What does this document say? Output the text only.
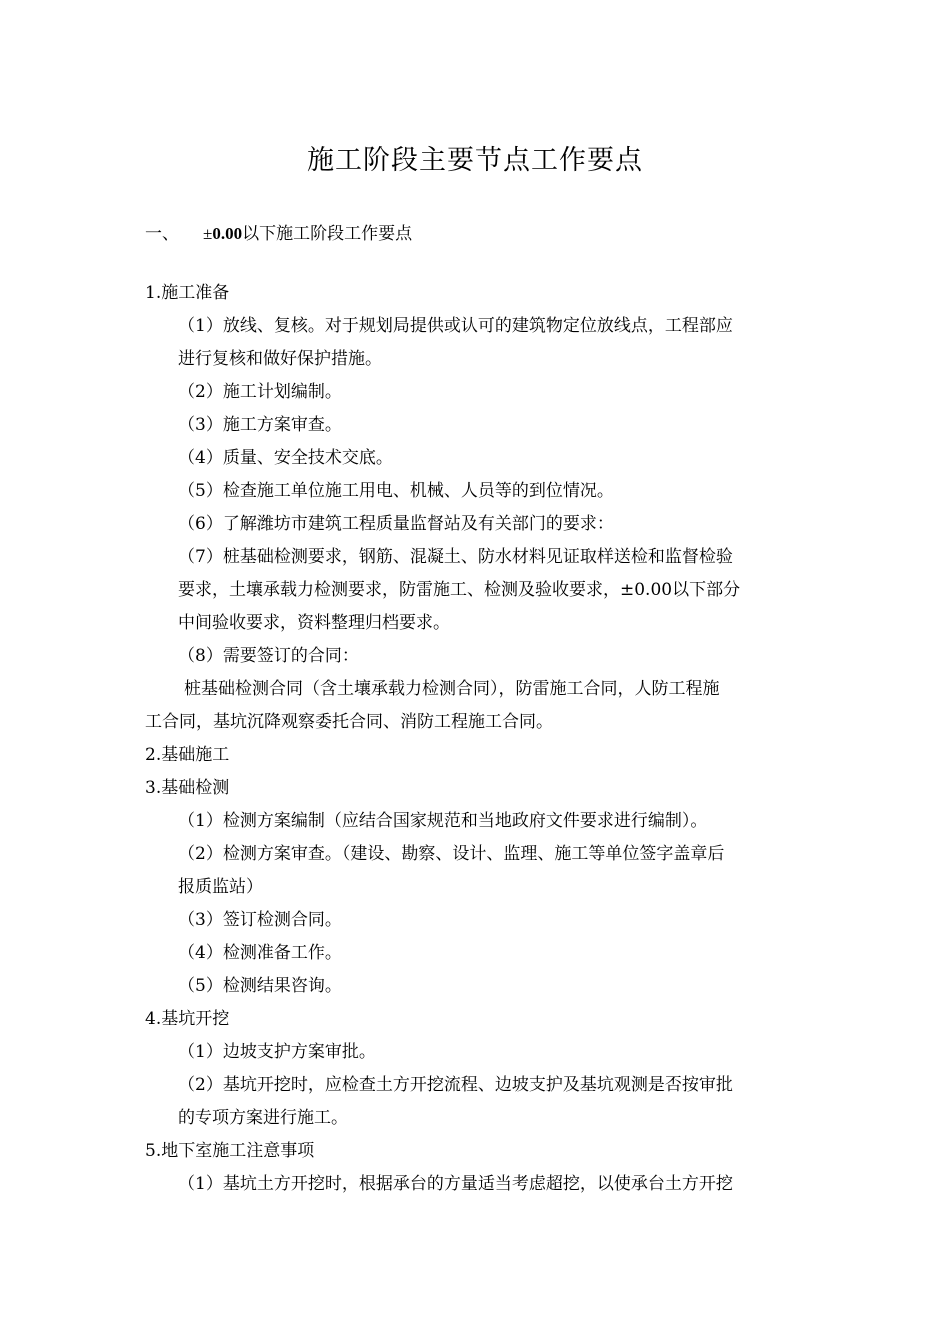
施工阶段主要节点工作要点
一、 ±0.00以下施工阶段工作要点
1.施工准备
（1）放线、复核。对于规划局提供或认可的建筑物定位放线点，工程部应
进行复核和做好保护措施。
（2）施工计划编制。
（3）施工方案审查。
（4）质量、安全技术交底。
（5）检查施工单位施工用电、机械、人员等的到位情况。
（6）了解潍坊市建筑工程质量监督站及有关部门的要求：
（7）桩基础检测要求，钢筋、混凝土、防水材料见证取样送检和监督检验
要求，土壤承载力检测要求，防雷施工、检测及验收要求，±0.00以下部分
中间验收要求，资料整理归档要求。
（8）需要签订的合同：
桩基础检测合同（含土壤承载力检测合同），防雷施工合同，人防工程施
工合同，基坑沉降观察委托合同、消防工程施工合同。
2.基础施工
3.基础检测
（1）检测方案编制（应结合国家规范和当地政府文件要求进行编制）。
（2）检测方案审查。（建设、勘察、设计、监理、施工等单位签字盖章后
报质监站）
（3）签订检测合同。
（4）检测准备工作。
（5）检测结果咨询。
4.基坑开挖
（1）边坡支护方案审批。
（2）基坑开挖时，应检查土方开挖流程、边坡支护及基坑观测是否按审批
的专项方案进行施工。
5.地下室施工注意事项
（1）基坑土方开挖时，根据承台的方量适当考虑超挖，以使承台土方开挖
